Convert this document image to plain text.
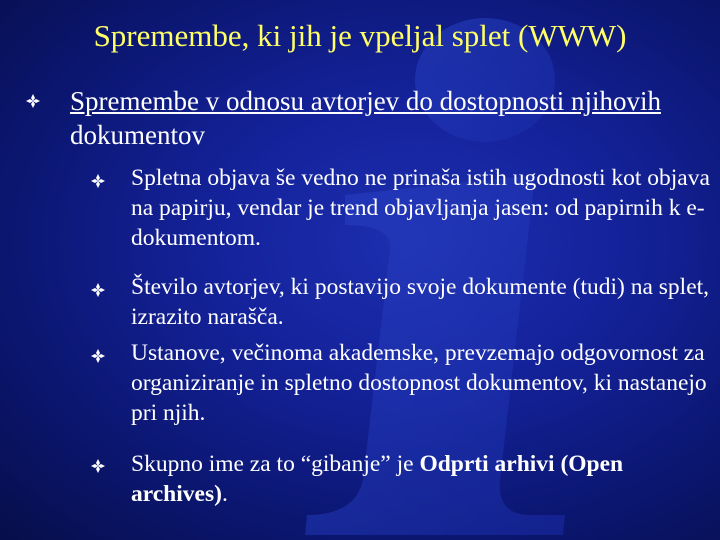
Spremembe, ki jih je vpeljal splet (WWW)
Spremembe v odnosu avtorjev do dostopnosti njihovih dokumentov
Spletna objava še vedno ne prinaša istih ugodnosti kot objava na papirju, vendar je trend objavljanja jasen: od papirnih k e-dokumentom.
Število avtorjev, ki postavijo svoje dokumente (tudi) na splet, izrazito narašča.
Ustanove, večinoma akademske, prevzemajo odgovornost za organiziranje in spletno dostopnost dokumentov, ki nastanejo pri njih.
Skupno ime za to “gibanje” je Odprti arhivi (Open archives).
